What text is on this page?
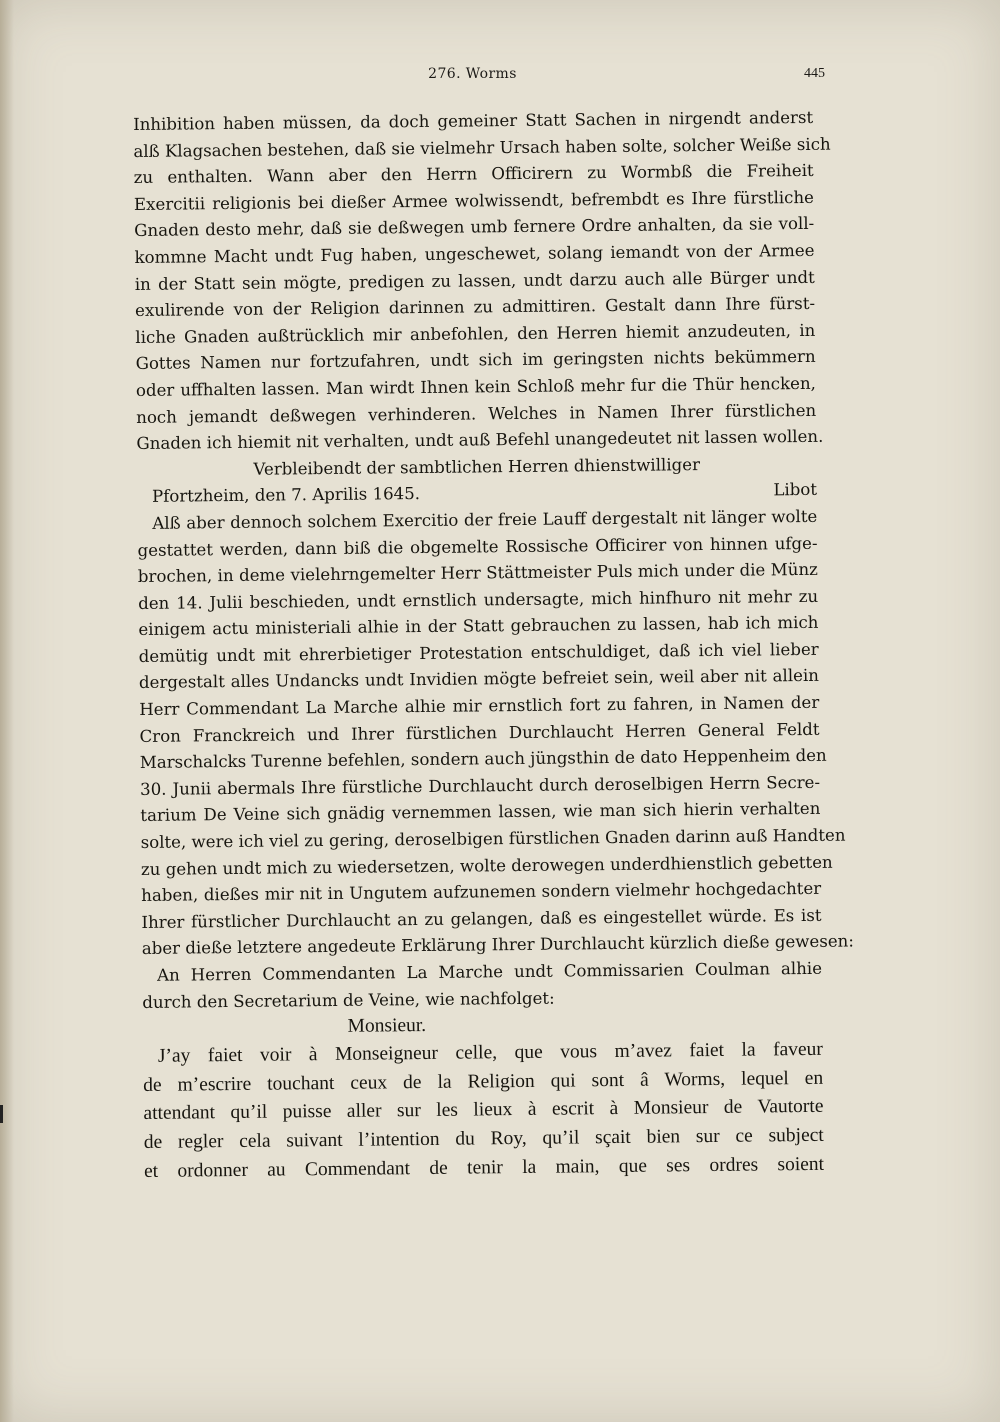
276. Worms	445
Inhibition haben müssen, da doch gemeiner Statt Sachen in nirgendt anderst
alß Klagsachen bestehen, daß sie vielmehr Ursach haben solte, solcher Weiße sich
zu enthalten. Wann aber den Herrn Officirern zu Wormbß die Freiheit
Exercitii religionis bei dießer Armee wolwissendt, befrembdt es Ihre fürstliche
Gnaden desto mehr, daß sie deßwegen umb fernere Ordre anhalten, da sie voll-
kommne Macht undt Fug haben, ungeschewet, solang iemandt von der Armee
in der Statt sein mögte, predigen zu lassen, undt darzu auch alle Bürger undt
exulirende von der Religion darinnen zu admittiren. Gestalt dann Ihre fürst-
liche Gnaden außtrücklich mir anbefohlen, den Herren hiemit anzudeuten, in
Gottes Namen nur fortzufahren, undt sich im geringsten nichts bekümmern
oder uffhalten lassen. Man wirdt Ihnen kein Schloß mehr fur die Thür hencken,
noch jemandt deßwegen verhinderen. Welches in Namen Ihrer fürstlichen
Gnaden ich hiemit nit verhalten, undt auß Befehl unangedeutet nit lassen wollen.
Verbleibendt der sambtlichen Herren dhienstwilliger
Pfortzheim, den 7. Aprilis 1645.	Libot
Alß aber dennoch solchem Exercitio der freie Lauff dergestalt nit länger wolte
gestattet werden, dann biß die obgemelte Rossische Officirer von hinnen ufge-
brochen, in deme vielehrngemelter Herr Stättmeister Puls mich under die Münz
den 14. Julii beschieden, undt ernstlich undersagte, mich hinfhuro nit mehr zu
einigem actu ministeriali alhie in der Statt gebrauchen zu lassen, hab ich mich
demütig undt mit ehrerbietiger Protestation entschuldiget, daß ich viel lieber
dergestalt alles Undancks undt Invidien mögte befreiet sein, weil aber nit allein
Herr Commendant La Marche alhie mir ernstlich fort zu fahren, in Namen der
Cron Franckreich und Ihrer fürstlichen Durchlaucht Herren General Feldt
Marschalcks Turenne befehlen, sondern auch jüngsthin de dato Heppenheim den
30. Junii abermals Ihre fürstliche Durchlaucht durch deroselbigen Herrn Secre-
tarium De Veine sich gnädig vernemmen lassen, wie man sich hierin verhalten
solte, were ich viel zu gering, deroselbigen fürstlichen Gnaden darinn auß Handten
zu gehen undt mich zu wiedersetzen, wolte derowegen underdhienstlich gebetten
haben, dießes mir nit in Ungutem aufzunemen sondern vielmehr hochgedachter
Ihrer fürstlicher Durchlaucht an zu gelangen, daß es eingestellet würde. Es ist
aber dieße letztere angedeute Erklärung Ihrer Durchlaucht kürzlich dieße gewesen:
An Herren Commendanten La Marche undt Commissarien Coulman alhie
durch den Secretarium de Veine, wie nachfolget:
Monsieur.
J’ay faiet voir à Monseigneur celle, que vous m’avez faiet la faveur
de m’escrire touchant ceux de la Religion qui sont â Worms, lequel en
attendant qu’il puisse aller sur les lieux à escrit à Monsieur de Vautorte
de regler cela suivant l’intention du Roy, qu’il sçait bien sur ce subject
et ordonner au Commendant de tenir la main, que ses ordres soient
